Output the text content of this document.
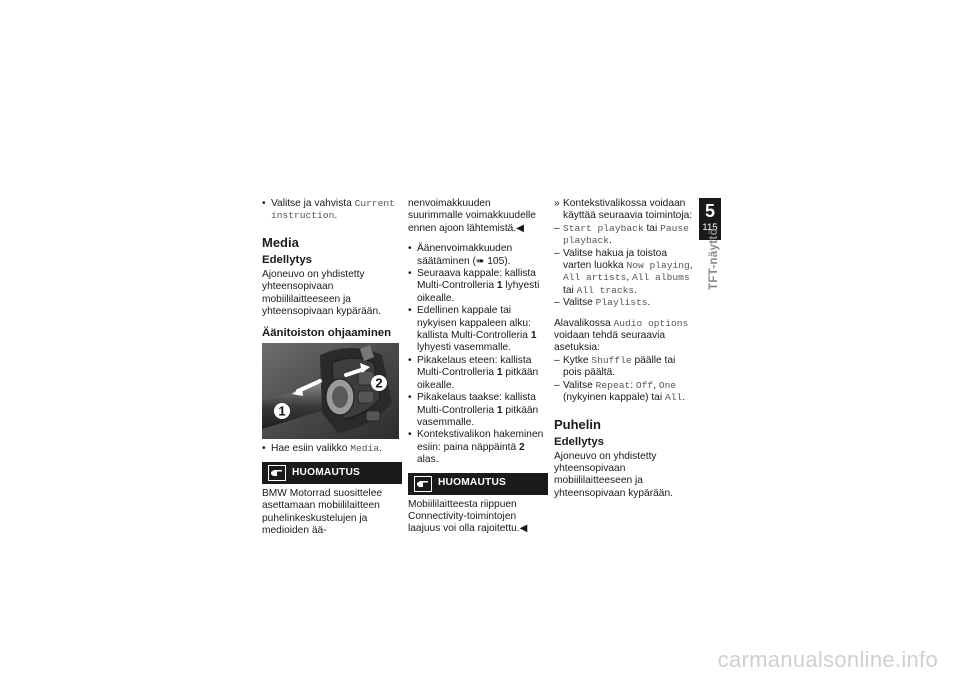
• Valitse ja vahvista Current instruction.

Media
Edellytys

Ajoneuvo on yhdistetty yhteensopivaan mobiililaitteeseen ja yhteensopivaan kypärään.

Äänitoiston ohjaaminen
1
2

• Hae esiin valikko Media.

HUOMAUTUS

BMW Motorrad suosittelee asettamaan mobiililaitteen puhelinkeskustelujen ja medioiden ää-

nenvoimakkuuden suurimmalle voimakkuudelle ennen ajoon lähtemistä.◀

• Äänenvoimakkuuden säätäminen (➠ 105).

• Seuraava kappale: kallista Multi-Controlleria 1 lyhyesti oikealle.

• Edellinen kappale tai nykyisen kappaleen alku: kallista Multi-Controlleria 1 lyhyesti vasemmalle.

• Pikakelaus eteen: kallista Multi-Controlleria 1 pitkään oikealle.

• Pikakelaus taakse: kallista Multi-Controlleria 1 pitkään vasemmalle.

• Kontekstivalikon hakeminen esiin: paina näppäintä 2 alas.

HUOMAUTUS

Mobiililaitteesta riippuen Connectivity-toimintojen laajuus voi olla rajoitettu.◀

» Kontekstivalikossa voidaan käyttää seuraavia toimintoja:

– Start playback tai Pause playback.

– Valitse hakua ja toistoa varten luokka Now playing, All artists, All albums tai All tracks.

– Valitse Playlists.

Alavalikossa Audio options voidaan tehdä seuraavia asetuksia:

– Kytke Shuffle päälle tai pois päältä.

– Valitse Repeat: Off, One (nykyinen kappale) tai All.

Puhelin
Edellytys

Ajoneuvo on yhdistetty yhteensopivaan mobiililaitteeseen ja yhteensopivaan kypärään.

5
115
TFT-näyttö
carmanualsonline.info
